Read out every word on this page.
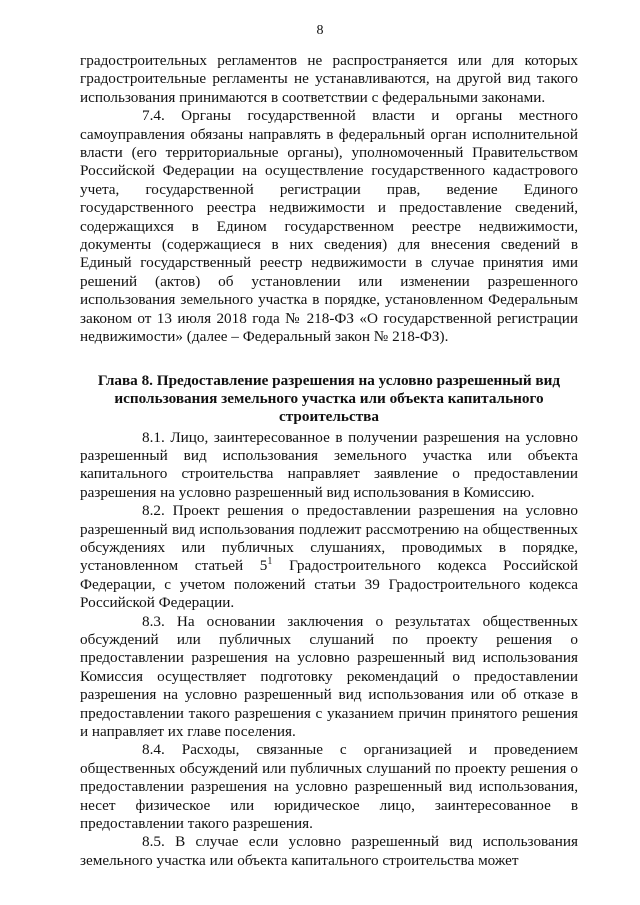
8

градостроительных регламентов не распространяется или для которых градостроительные регламенты не устанавливаются, на другой вид такого использования принимаются в соответствии с федеральными законами.

7.4. Органы государственной власти и органы местного самоуправления обязаны направлять в федеральный орган исполнительной власти (его территориальные органы), уполномоченный Правительством Российской Федерации на осуществление государственного кадастрового учета, государственной регистрации прав, ведение Единого государственного реестра недвижимости и предоставление сведений, содержащихся в Едином государственном реестре недвижимости, документы (содержащиеся в них сведения) для внесения сведений в Единый государственный реестр недвижимости в случае принятия ими решений (актов) об установлении или изменении разрешенного использования земельного участка в порядке, установленном Федеральным законом от 13 июля 2018 года № 218-ФЗ «О государственной регистрации недвижимости» (далее – Федеральный закон № 218-ФЗ).

Глава 8. Предоставление разрешения на условно разрешенный вид использования земельного участка или объекта капитального строительства

8.1. Лицо, заинтересованное в получении разрешения на условно разрешенный вид использования земельного участка или объекта капитального строительства направляет заявление о предоставлении разрешения на условно разрешенный вид использования в Комиссию.

8.2. Проект решения о предоставлении разрешения на условно разрешенный вид использования подлежит рассмотрению на общественных обсуждениях или публичных слушаниях, проводимых в порядке, установленном статьей $5^1$ Градостроительного кодекса Российской Федерации, с учетом положений статьи 39 Градостроительного кодекса Российской Федерации.

8.3. На основании заключения о результатах общественных обсуждений или публичных слушаний по проекту решения о предоставлении разрешения на условно разрешенный вид использования Комиссия осуществляет подготовку рекомендаций о предоставлении разрешения на условно разрешенный вид использования или об отказе в предоставлении такого разрешения с указанием причин принятого решения и направляет их главе поселения.

8.4. Расходы, связанные с организацией и проведением общественных обсуждений или публичных слушаний по проекту решения о предоставлении разрешения на условно разрешенный вид использования, несет физическое или юридическое лицо, заинтересованное в предоставлении такого разрешения.

8.5. В случае если условно разрешенный вид использования земельного участка или объекта капитального строительства может
